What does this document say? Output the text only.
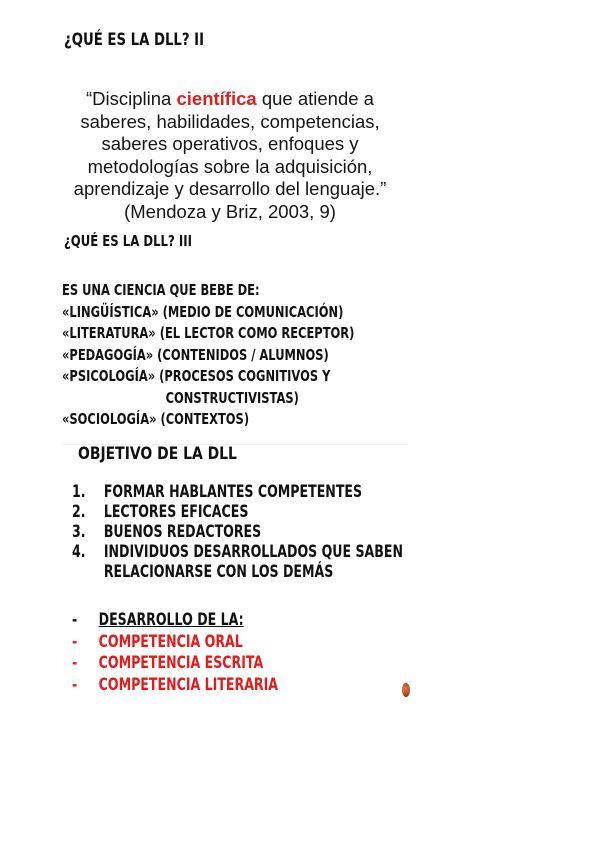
¿QUÉ ES LA DLL? II
“Disciplina científica que atiende a saberes, habilidades, competencias, saberes operativos, enfoques y metodologías sobre la adquisición, aprendizaje y desarrollo del lenguaje.” (Mendoza y Briz, 2003, 9)
¿QUÉ ES LA DLL? III
ES UNA CIENCIA QUE BEBE DE:
«LINGÜÍSTICA» (MEDIO DE COMUNICACIÓN)
«LITERATURA» (EL LECTOR COMO RECEPTOR)
«PEDAGOGÍA» (CONTENIDOS / ALUMNOS)
«PSICOLOGÍA» (PROCESOS COGNITIVOS Y
CONSTRUCTIVISTAS)
«SOCIOLOGÍA» (CONTEXTOS)
OBJETIVO DE LA DLL
1.	FORMAR HABLANTES COMPETENTES
2.	LECTORES EFICACES
3.	BUENOS REDACTORES
4.	INDIVIDUOS DESARROLLADOS QUE SABEN
RELACIONARSE CON LOS DEMÁS
-	DESARROLLO DE LA:
-	COMPETENCIA ORAL
-	COMPETENCIA ESCRITA
-	COMPETENCIA LITERARIA
